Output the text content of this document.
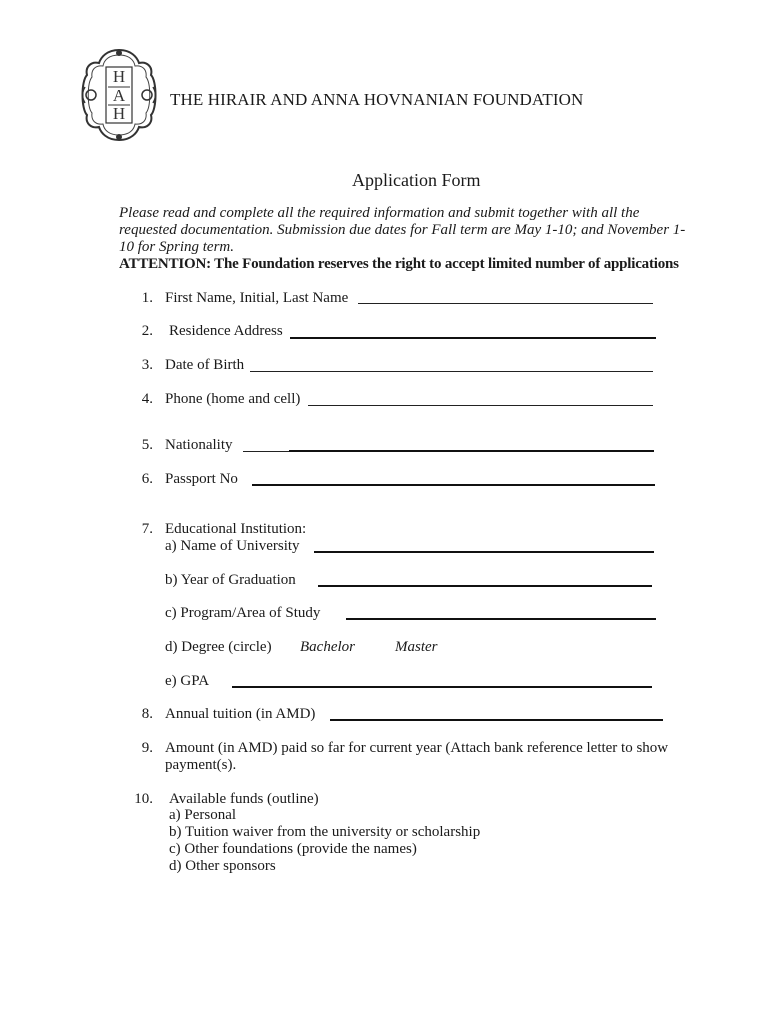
H
A
H
THE HIRAIR AND ANNA HOVNANIAN FOUNDATION
Application Form
Please read and complete all the required information and submit together with all the requested documentation. Submission due dates for Fall term are May 1-10; and November 1-10 for Spring term.
ATTENTION: The Foundation reserves the right to accept limited number of applications
1. First Name, Initial, Last Name
2. Residence Address
3. Date of Birth
4. Phone (home and cell)
5. Nationality
6. Passport No
7. Educational Institution:
a) Name of University
b) Year of Graduation
c) Program/Area of Study
d) Degree (circle) Bachelor	Master
e) GPA
8. Annual tuition (in AMD)
9. Amount (in AMD) paid so far for current year (Attach bank reference letter to show
payment(s).
10. Available funds (outline)
a) Personal
b) Tuition waiver from the university or scholarship
c) Other foundations (provide the names)
d) Other sponsors
